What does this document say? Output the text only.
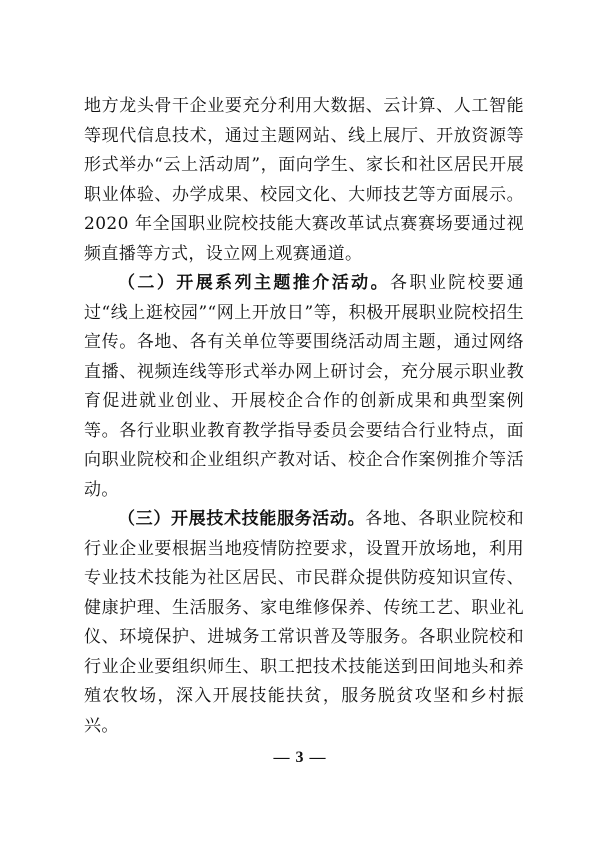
地方龙头骨干企业要充分利用大数据、云计算、人工智能等现代信息技术，通过主题网站、线上展厅、开放资源等形式举办“云上活动周”，面向学生、家长和社区居民开展职业体验、办学成果、校园文化、大师技艺等方面展示。2020 年全国职业院校技能大赛改革试点赛赛场要通过视频直播等方式，设立网上观赛通道。

（二）开展系列主题推介活动。各职业院校要通过“线上逛校园”“网上开放日”等，积极开展职业院校招生宣传。各地、各有关单位等要围绕活动周主题，通过网络直播、视频连线等形式举办网上研讨会，充分展示职业教育促进就业创业、开展校企合作的创新成果和典型案例等。各行业职业教育教学指导委员会要结合行业特点，面向职业院校和企业组织产教对话、校企合作案例推介等活动。

（三）开展技术技能服务活动。各地、各职业院校和行业企业要根据当地疫情防控要求，设置开放场地，利用专业技术技能为社区居民、市民群众提供防疫知识宣传、健康护理、生活服务、家电维修保养、传统工艺、职业礼仪、环境保护、进城务工常识普及等服务。各职业院校和行业企业要组织师生、职工把技术技能送到田间地头和养殖农牧场，深入开展技能扶贫，服务脱贫攻坚和乡村振兴。

— 3 —
